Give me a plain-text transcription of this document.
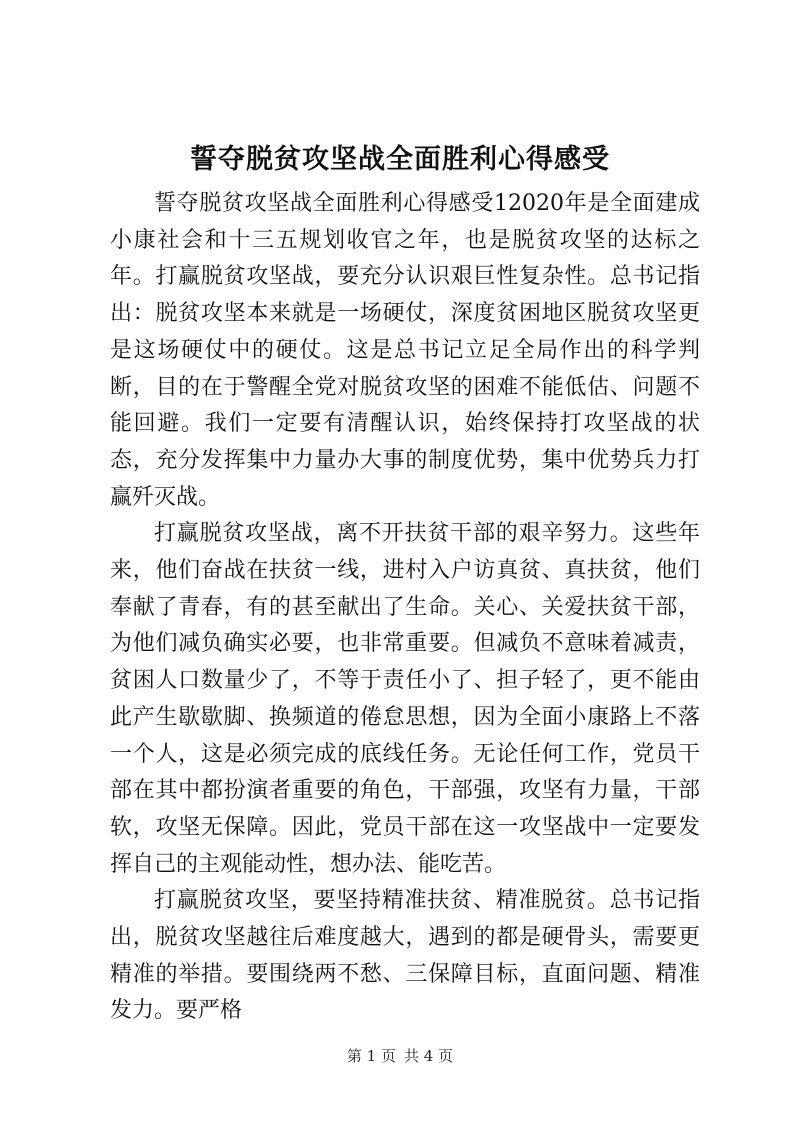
誓夺脱贫攻坚战全面胜利心得感受

誓夺脱贫攻坚战全面胜利心得感受12020年是全面建成小康社会和十三五规划收官之年，也是脱贫攻坚的达标之年。打赢脱贫攻坚战，要充分认识艰巨性复杂性。总书记指出：脱贫攻坚本来就是一场硬仗，深度贫困地区脱贫攻坚更是这场硬仗中的硬仗。这是总书记立足全局作出的科学判断，目的在于警醒全党对脱贫攻坚的困难不能低估、问题不能回避。我们一定要有清醒认识，始终保持打攻坚战的状态，充分发挥集中力量办大事的制度优势，集中优势兵力打赢歼灭战。

打赢脱贫攻坚战，离不开扶贫干部的艰辛努力。这些年来，他们奋战在扶贫一线，进村入户访真贫、真扶贫，他们奉献了青春，有的甚至献出了生命。关心、关爱扶贫干部，为他们减负确实必要，也非常重要。但减负不意味着减责，贫困人口数量少了，不等于责任小了、担子轻了，更不能由此产生歇歇脚、换频道的倦怠思想，因为全面小康路上不落一个人，这是必须完成的底线任务。无论任何工作，党员干部在其中都扮演者重要的角色，干部强，攻坚有力量，干部软，攻坚无保障。因此，党员干部在这一攻坚战中一定要发挥自己的主观能动性，想办法、能吃苦。

打赢脱贫攻坚，要坚持精准扶贫、精准脱贫。总书记指出，脱贫攻坚越往后难度越大，遇到的都是硬骨头，需要更精准的举措。要围绕两不愁、三保障目标，直面问题、精准发力。要严格

第 1 页 共 4 页
